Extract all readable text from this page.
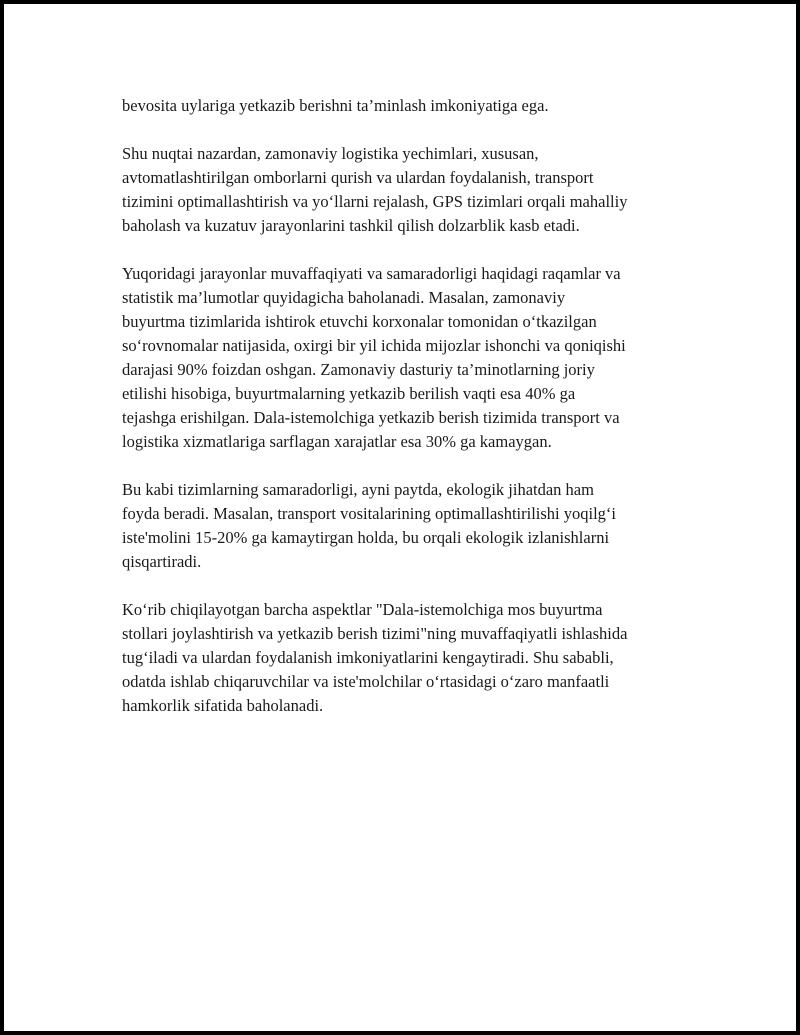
bevosita uylariga yetkazib berishni ta’minlash imkoniyatiga ega.

Shu nuqtai nazardan, zamonaviy logistika yechimlari, xususan,
avtomatlashtirilgan omborlarni qurish va ulardan foydalanish, transport
tizimini optimallashtirish va yo‘llarni rejalash, GPS tizimlari orqali mahalliy
baholash va kuzatuv jarayonlarini tashkil qilish dolzarblik kasb etadi.

Yuqoridagi jarayonlar muvaffaqiyati va samaradorligi haqidagi raqamlar va
statistik ma’lumotlar quyidagicha baholanadi. Masalan, zamonaviy
buyurtma tizimlarida ishtirok etuvchi korxonalar tomonidan o‘tkazilgan
so‘rovnomalar natijasida, oxirgi bir yil ichida mijozlar ishonchi va qoniqishi
darajasi 90% foizdan oshgan. Zamonaviy dasturiy ta’minotlarning joriy
etilishi hisobiga, buyurtmalarning yetkazib berilish vaqti esa 40% ga
tejashga erishilgan. Dala-istemolchiga yetkazib berish tizimida transport va
logistika xizmatlariga sarflagan xarajatlar esa 30% ga kamaygan.

Bu kabi tizimlarning samaradorligi, ayni paytda, ekologik jihatdan ham
foyda beradi. Masalan, transport vositalarining optimallashtirilishi yoqilg‘i
iste'molini 15-20% ga kamaytirgan holda, bu orqali ekologik izlanishlarni
qisqartiradi.

Ko‘rib chiqilayotgan barcha aspektlar "Dala-istemolchiga mos buyurtma
stollari joylashtirish va yetkazib berish tizimi"ning muvaffaqiyatli ishlashida
tug‘iladi va ulardan foydalanish imkoniyatlarini kengaytiradi. Shu sababli,
odatda ishlab chiqaruvchilar va iste'molchilar o‘rtasidagi o‘zaro manfaatli
hamkorlik sifatida baholanadi.
